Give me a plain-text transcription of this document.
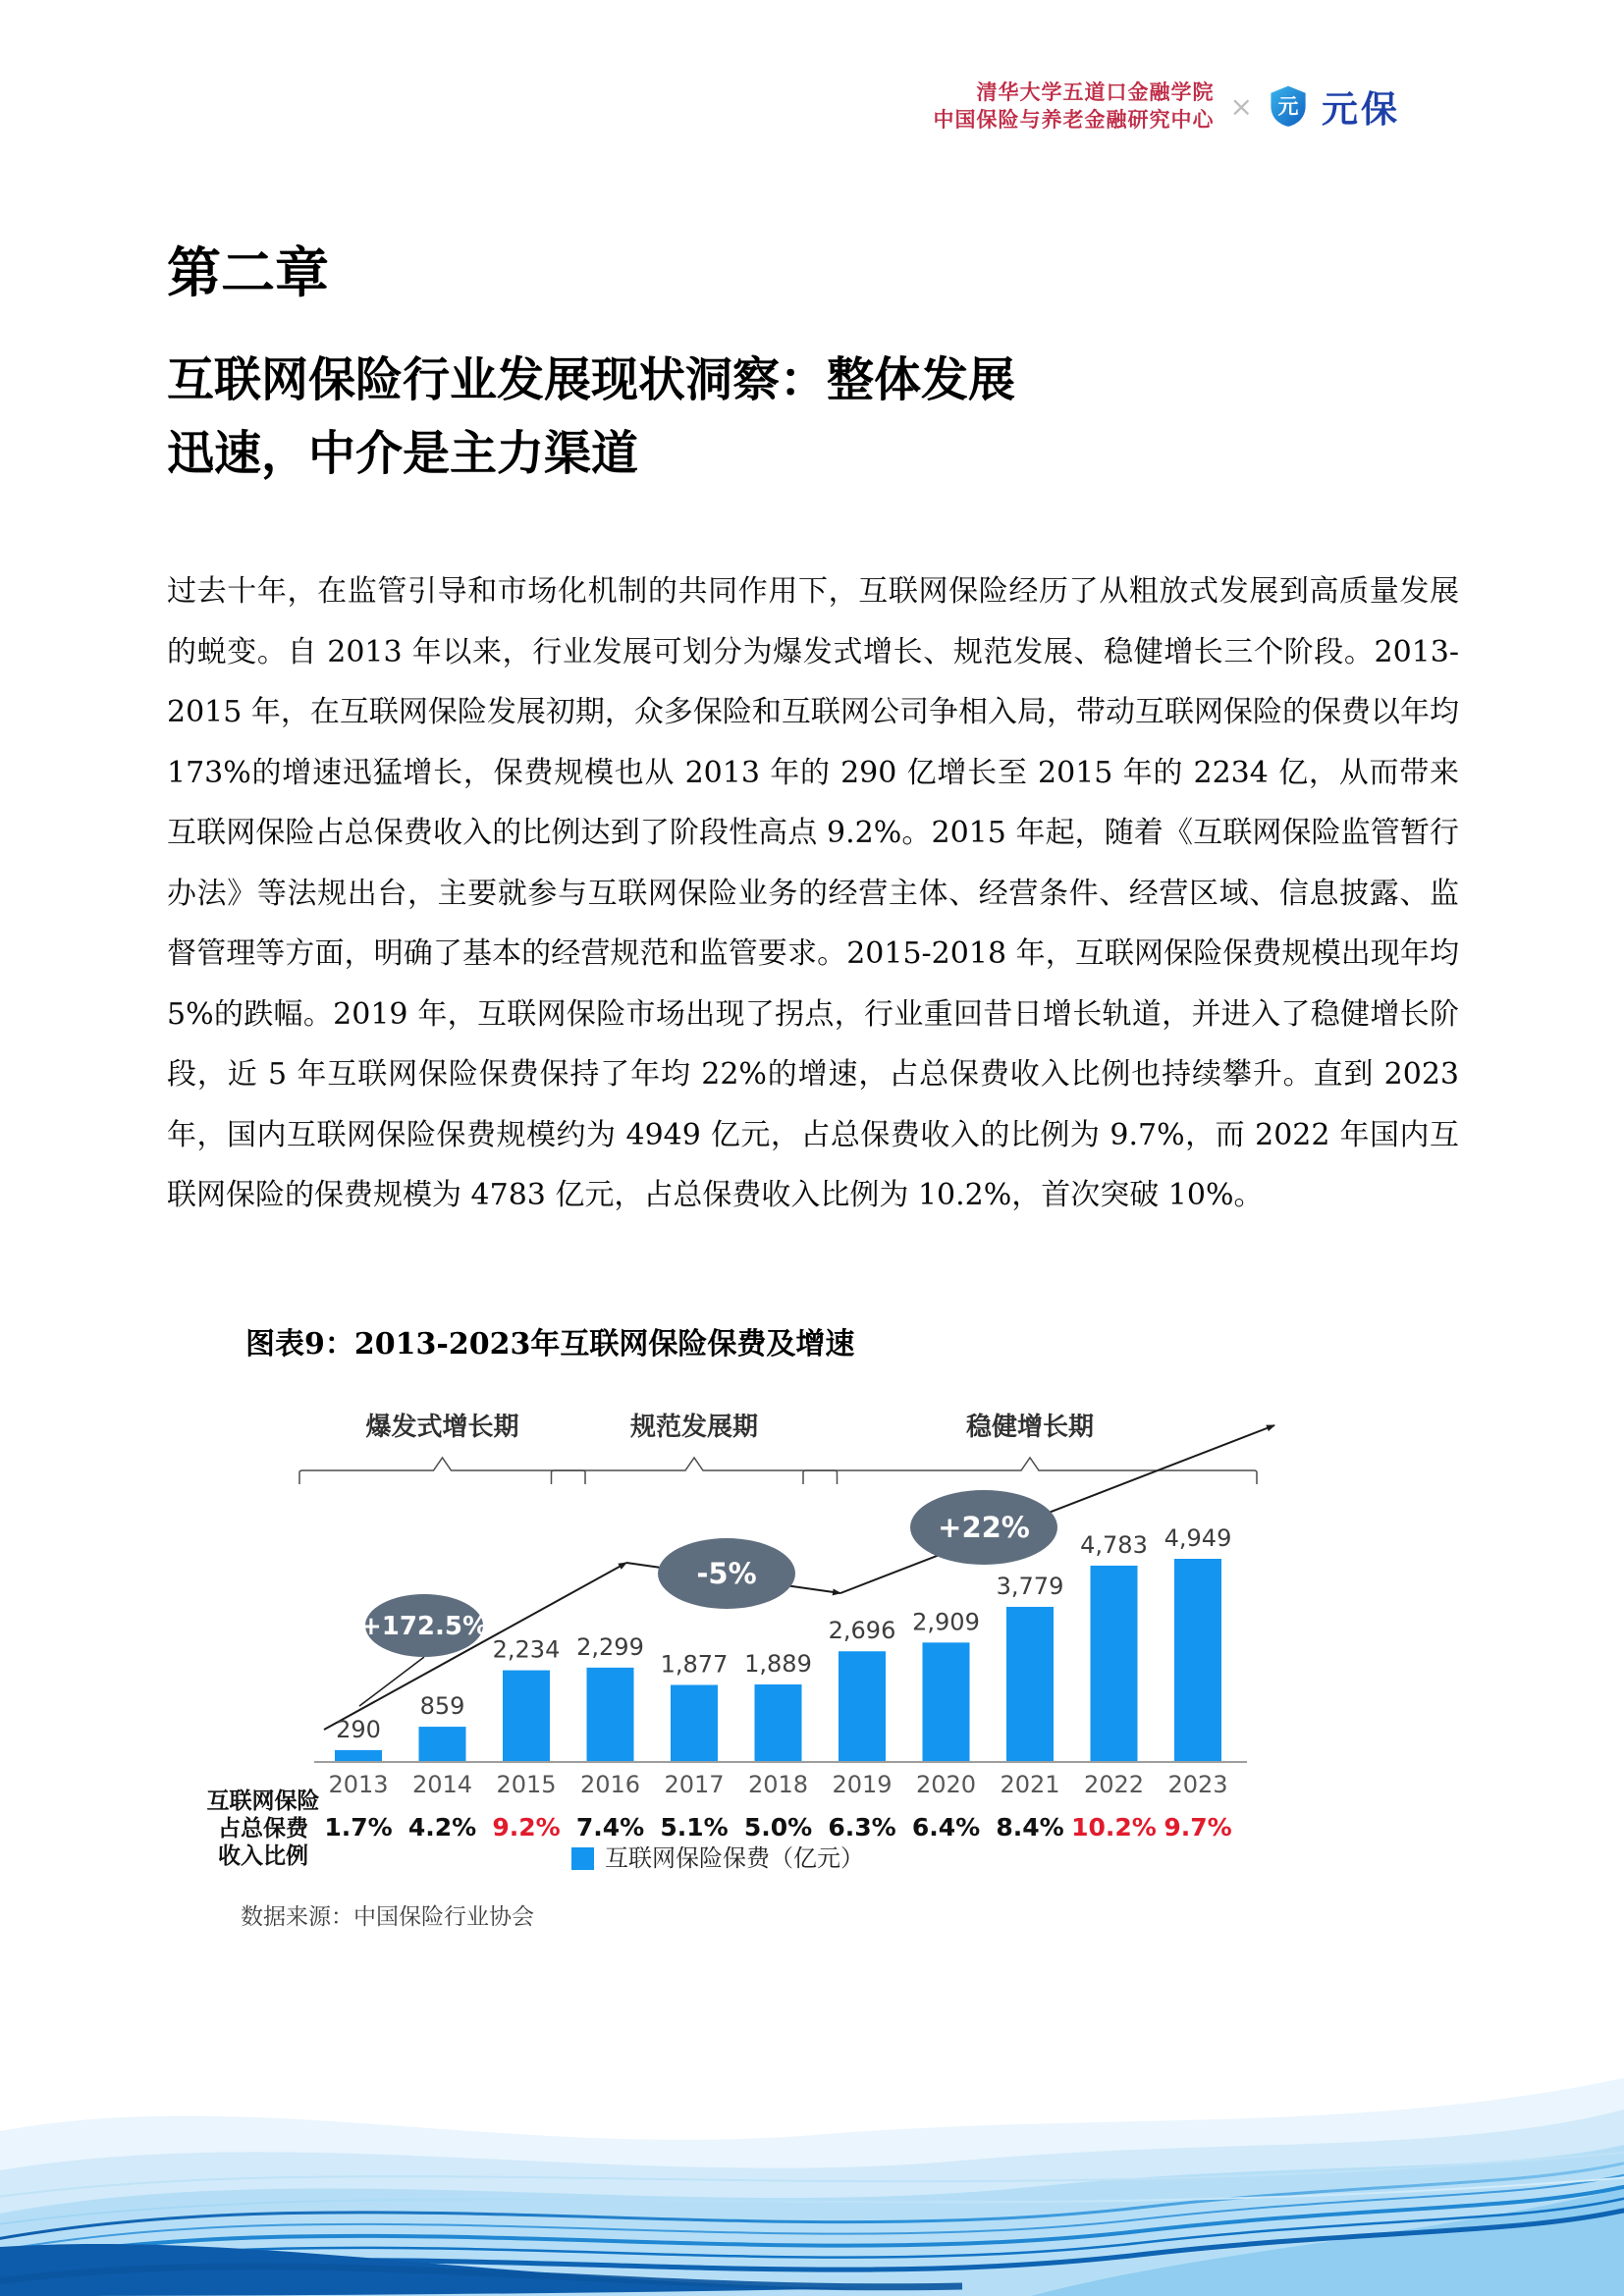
清华大学五道口金融学院
中国保险与养老金融研究中心 × 元 元保
第二章
互联网保险行业发展现状洞察：整体发展
迅速，中介是主力渠道

过去十年，在监管引导和市场化机制的共同作用下，互联网保险经历了从粗放式发展到高质量发展的蜕变。自 2013 年以来，行业发展可划分为爆发式增长、规范发展、稳健增长三个阶段。2013-2015 年，在互联网保险发展初期，众多保险和互联网公司争相入局，带动互联网保险的保费以年均 173%的增速迅猛增长，保费规模也从 2013 年的 290 亿增长至 2015 年的 2234 亿，从而带来互联网保险占总保费收入的比例达到了阶段性高点 9.2%。2015 年起，随着《互联网保险监管暂行办法》等法规出台，主要就参与互联网保险业务的经营主体、经营条件、经营区域、信息披露、监督管理等方面，明确了基本的经营规范和监管要求。2015-2018 年，互联网保险保费规模出现年均 5%的跌幅。2019 年，互联网保险市场出现了拐点，行业重回昔日增长轨道，并进入了稳健增长阶段，近 5 年互联网保险保费保持了年均 22%的增速，占总保费收入比例也持续攀升。直到 2023 年，国内互联网保险保费规模约为 4949 亿元，占总保费收入的比例为 9.7%，而 2022 年国内互联网保险的保费规模为 4783 亿元，占总保费收入比例为 10.2%，首次突破 10%。

图表9：2013-2023年互联网保险保费及增速
爆发式增长期	规范发展期	稳健增长期
290
859
2,234 2,299
1,877 1,889
2,696 2,909
3,779
4,783 4,949
2013 2014 2015 2016 2017 2018 2019 2020 2021 2022 2023
1.7% 4.2% 9.2% 7.4% 5.1% 5.0% 6.3% 6.4% 8.4% 10.2% 9.7%
互联网保险
占总保费
收入比例
+172.5%
-5%
+22%
互联网保险保费（亿元）
数据来源：中国保险行业协会
